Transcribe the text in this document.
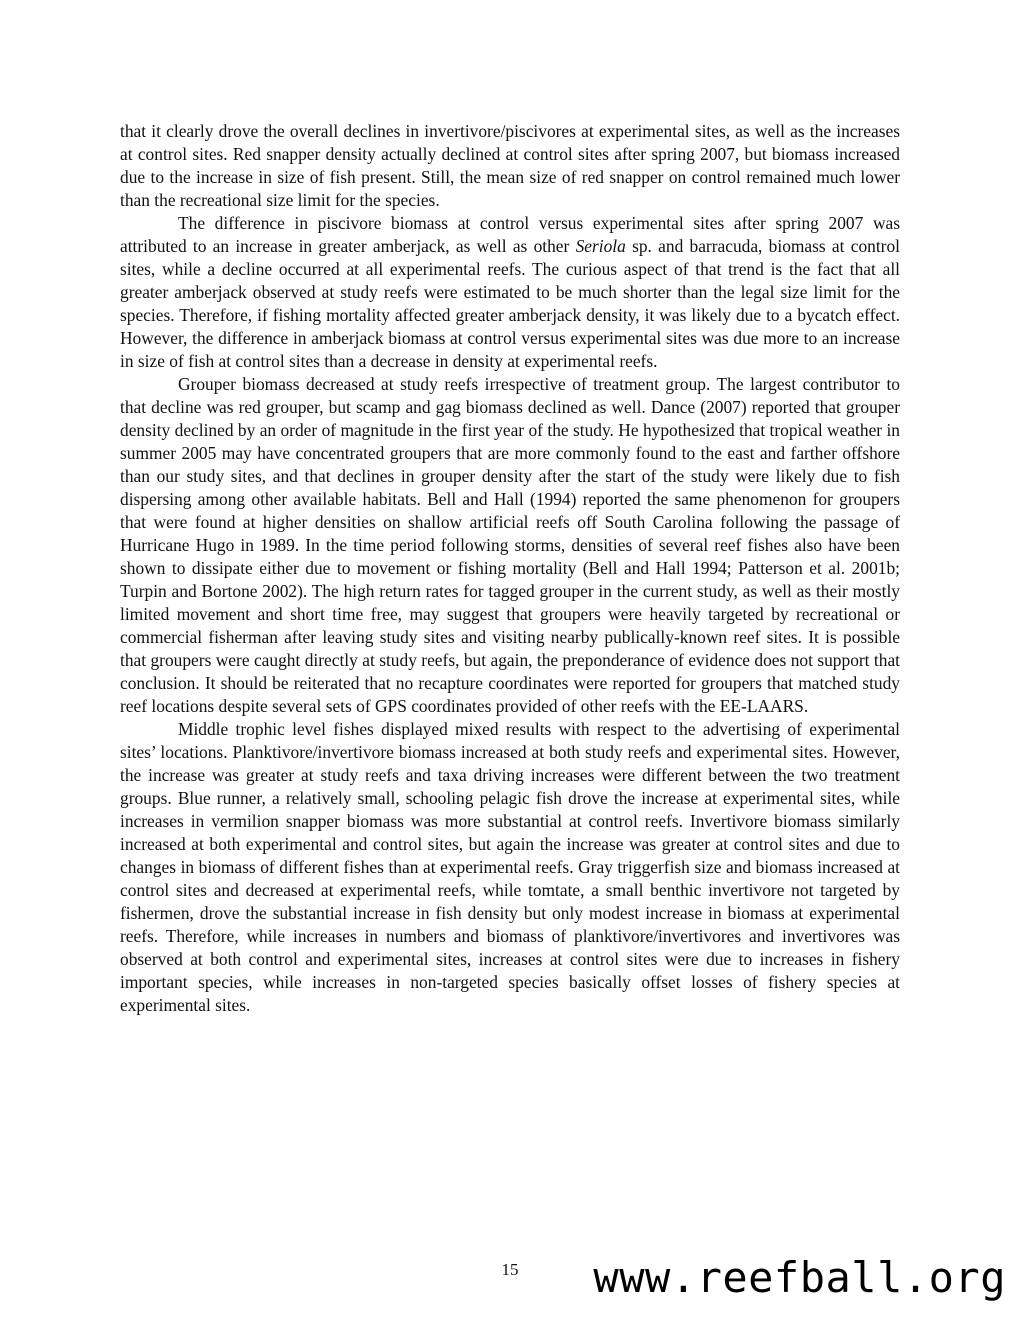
that it clearly drove the overall declines in invertivore/piscivores at experimental sites, as well as the increases at control sites. Red snapper density actually declined at control sites after spring 2007, but biomass increased due to the increase in size of fish present. Still, the mean size of red snapper on control remained much lower than the recreational size limit for the species.

The difference in piscivore biomass at control versus experimental sites after spring 2007 was attributed to an increase in greater amberjack, as well as other Seriola sp. and barracuda, biomass at control sites, while a decline occurred at all experimental reefs. The curious aspect of that trend is the fact that all greater amberjack observed at study reefs were estimated to be much shorter than the legal size limit for the species. Therefore, if fishing mortality affected greater amberjack density, it was likely due to a bycatch effect. However, the difference in amberjack biomass at control versus experimental sites was due more to an increase in size of fish at control sites than a decrease in density at experimental reefs.

Grouper biomass decreased at study reefs irrespective of treatment group. The largest contributor to that decline was red grouper, but scamp and gag biomass declined as well. Dance (2007) reported that grouper density declined by an order of magnitude in the first year of the study. He hypothesized that tropical weather in summer 2005 may have concentrated groupers that are more commonly found to the east and farther offshore than our study sites, and that declines in grouper density after the start of the study were likely due to fish dispersing among other available habitats. Bell and Hall (1994) reported the same phenomenon for groupers that were found at higher densities on shallow artificial reefs off South Carolina following the passage of Hurricane Hugo in 1989. In the time period following storms, densities of several reef fishes also have been shown to dissipate either due to movement or fishing mortality (Bell and Hall 1994; Patterson et al. 2001b; Turpin and Bortone 2002). The high return rates for tagged grouper in the current study, as well as their mostly limited movement and short time free, may suggest that groupers were heavily targeted by recreational or commercial fisherman after leaving study sites and visiting nearby publically-known reef sites. It is possible that groupers were caught directly at study reefs, but again, the preponderance of evidence does not support that conclusion. It should be reiterated that no recapture coordinates were reported for groupers that matched study reef locations despite several sets of GPS coordinates provided of other reefs with the EE-LAARS.

Middle trophic level fishes displayed mixed results with respect to the advertising of experimental sites’ locations. Planktivore/invertivore biomass increased at both study reefs and experimental sites. However, the increase was greater at study reefs and taxa driving increases were different between the two treatment groups. Blue runner, a relatively small, schooling pelagic fish drove the increase at experimental sites, while increases in vermilion snapper biomass was more substantial at control reefs. Invertivore biomass similarly increased at both experimental and control sites, but again the increase was greater at control sites and due to changes in biomass of different fishes than at experimental reefs. Gray triggerfish size and biomass increased at control sites and decreased at experimental reefs, while tomtate, a small benthic invertivore not targeted by fishermen, drove the substantial increase in fish density but only modest increase in biomass at experimental reefs. Therefore, while increases in numbers and biomass of planktivore/invertivores and invertivores was observed at both control and experimental sites, increases at control sites were due to increases in fishery important species, while increases in non-targeted species basically offset losses of fishery species at experimental sites.

15	www.reefball.org
